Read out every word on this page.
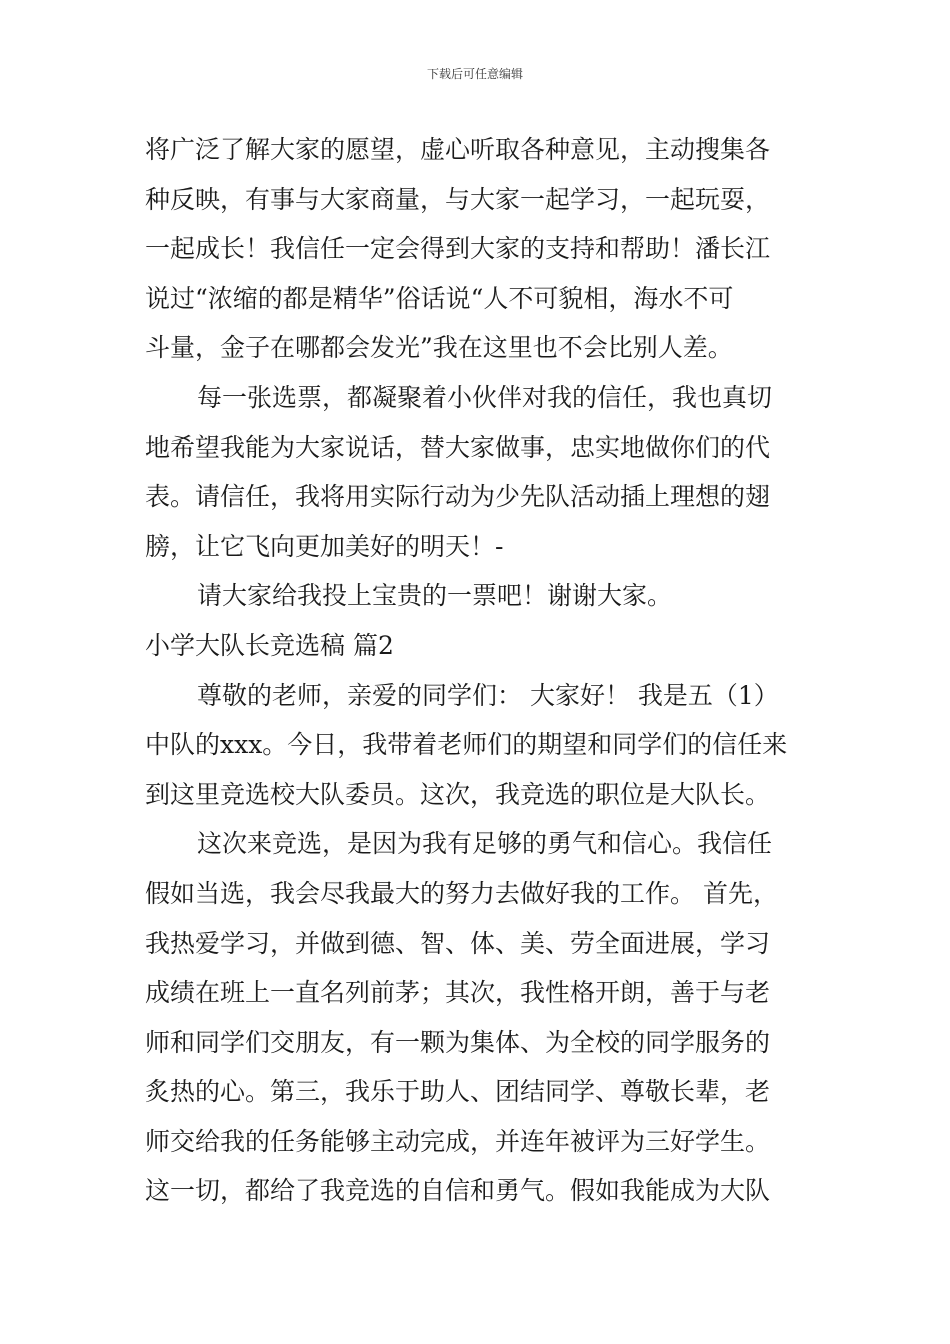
下载后可任意编辑
将广泛了解大家的愿望，虚心听取各种意见，主动搜集各
种反映，有事与大家商量，与大家一起学习，一起玩耍，
一起成长！我信任一定会得到大家的支持和帮助！潘长江
说过“浓缩的都是精华”俗话说“人不可貌相，海水不可
斗量，金子在哪都会发光”我在这里也不会比别人差。
每一张选票，都凝聚着小伙伴对我的信任，我也真切
地希望我能为大家说话，替大家做事，忠实地做你们的代
表。请信任，我将用实际行动为少先队活动插上理想的翅
膀，让它飞向更加美好的明天！-
请大家给我投上宝贵的一票吧！谢谢大家。
小学大队长竞选稿 篇2
尊敬的老师，亲爱的同学们： 大家好！ 我是五（1）
中队的xxx。今日，我带着老师们的期望和同学们的信任来
到这里竞选校大队委员。这次，我竞选的职位是大队长。
这次来竞选，是因为我有足够的勇气和信心。我信任
假如当选，我会尽我最大的努力去做好我的工作。 首先，
我热爱学习，并做到德、智、体、美、劳全面进展，学习
成绩在班上一直名列前茅；其次，我性格开朗，善于与老
师和同学们交朋友，有一颗为集体、为全校的同学服务的
炙热的心。第三，我乐于助人、团结同学、尊敬长辈，老
师交给我的任务能够主动完成，并连年被评为三好学生。
这一切，都给了我竞选的自信和勇气。假如我能成为大队
